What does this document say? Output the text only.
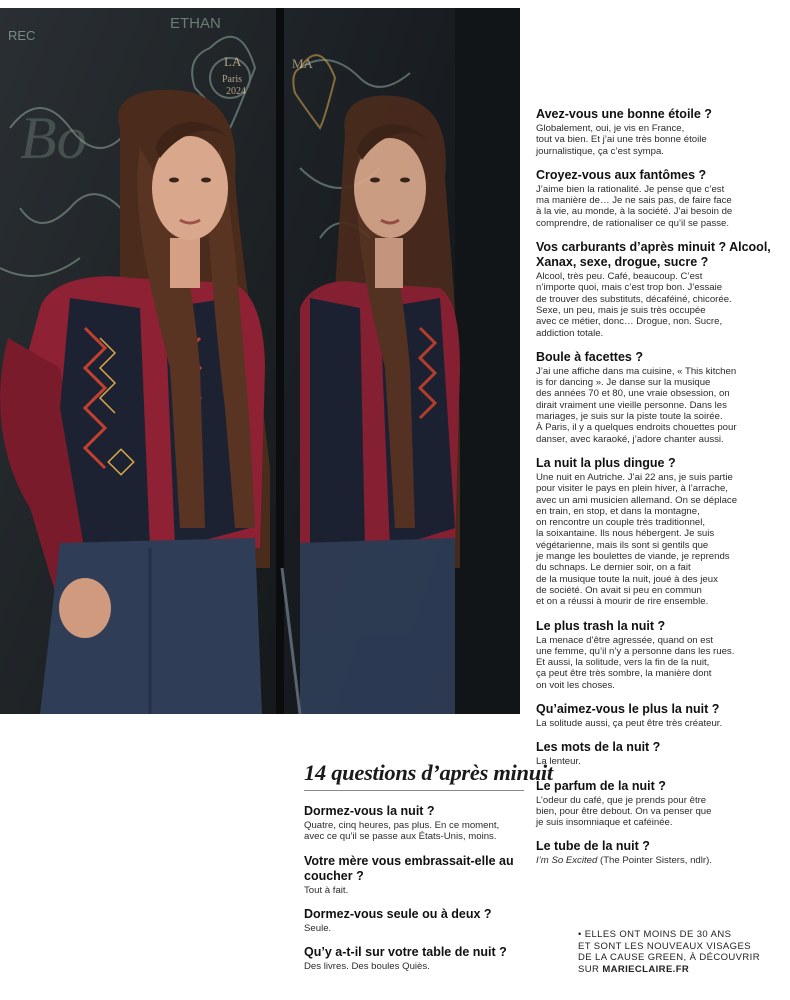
REC
ETHAN
LA
Paris
2024
MA
Bo	Avez-vous une bonne étoile ?

Globalement, oui, je vis en France,
tout va bien. Et j’ai une très bonne étoile
journalistique, ça c’est sympa.

Croyez-vous aux fantômes ?

J’aime bien la rationalité. Je pense que c’est
ma manière de… Je ne sais pas, de faire face
à la vie, au monde, à la société. J’ai besoin de
comprendre, de rationaliser ce qu’il se passe.

Vos carburants d’après minuit ? Alcool, Xanax, sexe, drogue, sucre ?

Alcool, très peu. Café, beaucoup. C’est
n’importe quoi, mais c’est trop bon. J’essaie
de trouver des substituts, décaféiné, chicorée.
Sexe, un peu, mais je suis très occupée
avec ce métier, donc… Drogue, non. Sucre,
addiction totale.

Boule à facettes ?

J’ai une affiche dans ma cuisine, « This kitchen
is for dancing ». Je danse sur la musique
des années 70 et 80, une vraie obsession, on
dirait vraiment une vieille personne. Dans les
mariages, je suis sur la piste toute la soirée.
À Paris, il y a quelques endroits chouettes pour
danser, avec karaoké, j’adore chanter aussi.

La nuit la plus dingue ?

Une nuit en Autriche. J’ai 22 ans, je suis partie
pour visiter le pays en plein hiver, à l’arrache,
avec un ami musicien allemand. On se déplace
en train, en stop, et dans la montagne,
on rencontre un couple très traditionnel,
la soixantaine. Ils nous hébergent. Je suis
végétarienne, mais ils sont si gentils que
je mange les boulettes de viande, je reprends
du schnaps. Le dernier soir, on a fait
de la musique toute la nuit, joué à des jeux
de société. On avait si peu en commun
et on a réussi à mourir de rire ensemble.

Le plus trash la nuit ?

La menace d’être agressée, quand on est
une femme, qu’il n’y a personne dans les rues.
Et aussi, la solitude, vers la fin de la nuit,
ça peut être très sombre, la manière dont
on voit les choses.

Qu’aimez-vous le plus la nuit ?

La solitude aussi, ça peut être très créateur.

Les mots de la nuit ?

La lenteur.

Le parfum de la nuit ?

L’odeur du café, que je prends pour être
bien, pour être debout. On va penser que
je suis insomniaque et caféinée.

Le tube de la nuit ?

I’m So Excited (The Pointer Sisters, ndlr).

14 questions d’après minuit

Dormez-vous la nuit ?

Quatre, cinq heures, pas plus. En ce moment,
avec ce qu’il se passe aux États-Unis, moins.

Votre mère vous embrassait-elle au coucher ?

Tout à fait.

Dormez-vous seule ou à deux ?

Seule.

Qu’y a-t-il sur votre table de nuit ?

Des livres. Des boules Quiès.

• ELLES ONT MOINS DE 30 ANS
ET SONT LES NOUVEAUX VISAGES
DE LA CAUSE GREEN, À DÉCOUVRIR
SUR MARIECLAIRE.FR
